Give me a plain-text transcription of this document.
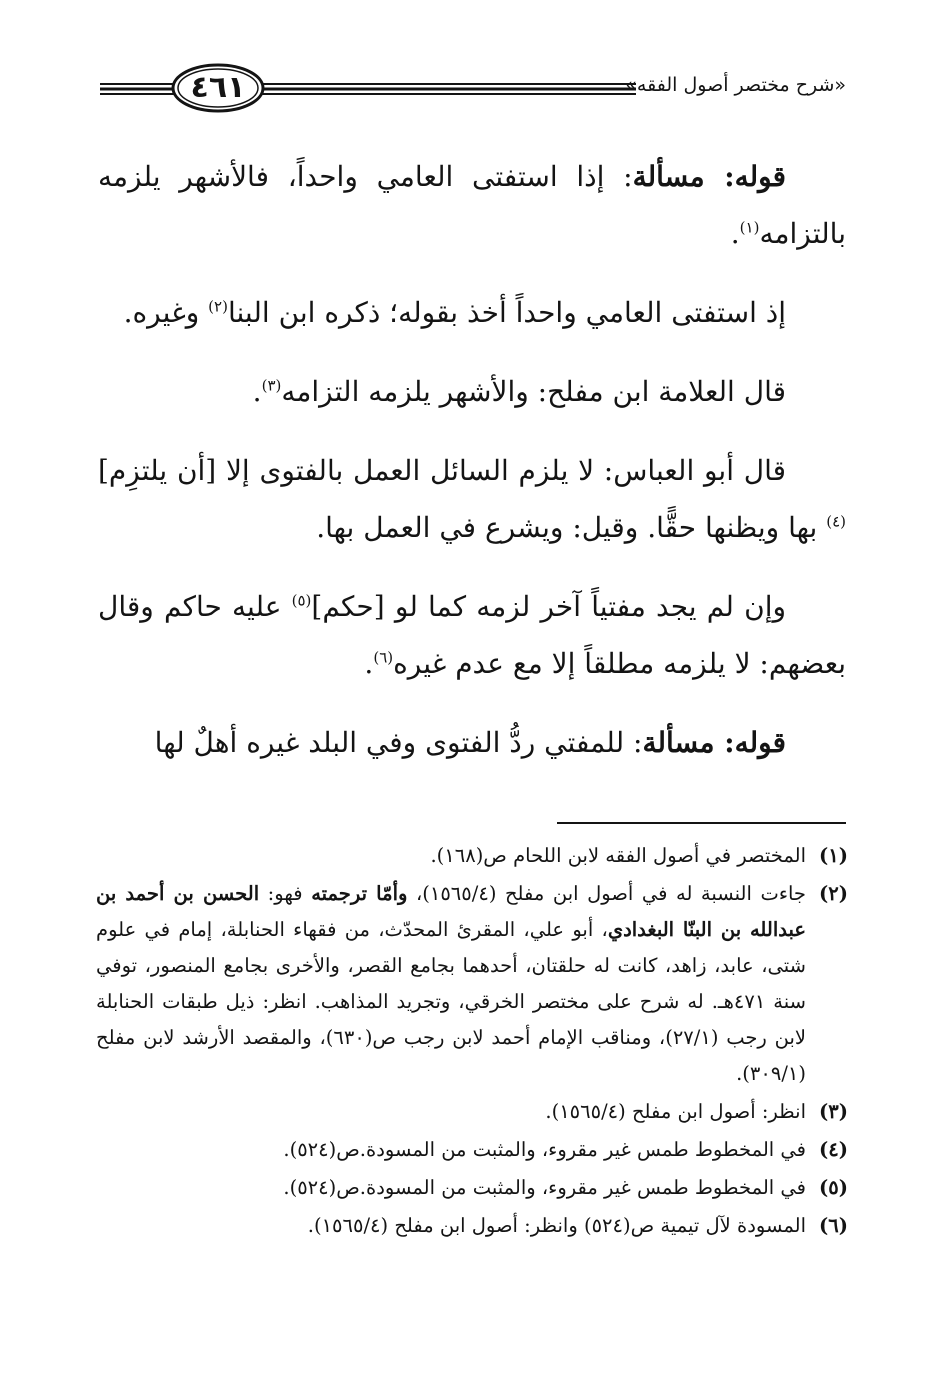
٤٦١	«شرح مختصر أصول الفقه»

قوله: مسألة: إذا استفتى العامي واحداً، فالأشهر يلزمه بالتزامه$^{(١)}$.

إذ استفتى العامي واحداً أخذ بقوله؛ ذكره ابن البنا$^{(٢)}$ وغيره.

قال العلامة ابن مفلح: والأشهر يلزمه التزامه$^{(٣)}$.

قال أبو العباس: لا يلزم السائل العمل بالفتوى إلا [أن يلتزِم]$^{(٤)}$ بها ويظنها حقًّا. وقيل: ويشرع في العمل بها.

وإن لم يجد مفتياً آخر لزمه كما لو [حكم]$^{(٥)}$ عليه حاكم وقال بعضهم: لا يلزمه مطلقاً إلا مع عدم غيره$^{(٦)}$.

قوله: مسألة: للمفتي ردُّ الفتوى وفي البلد غيره أهلٌ لها

(١)
المختصر في أصول الفقه لابن اللحام ص(١٦٨).
(٢)
جاءت النسبة له في أصول ابن مفلح (١٥٦٥/٤)، وأمّا ترجمته فهو: الحسن بن أحمد بن عبدالله بن البنّا البغدادي، أبو علي، المقرئ المحدّث، من فقهاء الحنابلة، إمام في علوم شتى، عابد، زاهد، كانت له حلقتان، أحدهما بجامع القصر، والأخرى بجامع المنصور، توفي سنة ٤٧١هـ. له شرح على مختصر الخرقي، وتجريد المذاهب. انظر: ذيل طبقات الحنابلة لابن رجب (٢٧/١)، ومناقب الإمام أحمد لابن رجب ص(٦٣٠)، والمقصد الأرشد لابن مفلح (٣٠٩/١).
(٣)
انظر: أصول ابن مفلح (١٥٦٥/٤).
(٤)
في المخطوط طمس غير مقروء، والمثبت من المسودة.ص(٥٢٤).
(٥)
في المخطوط طمس غير مقروء، والمثبت من المسودة.ص(٥٢٤).
(٦)
المسودة لآل تيمية ص(٥٢٤) وانظر: أصول ابن مفلح (١٥٦٥/٤).
